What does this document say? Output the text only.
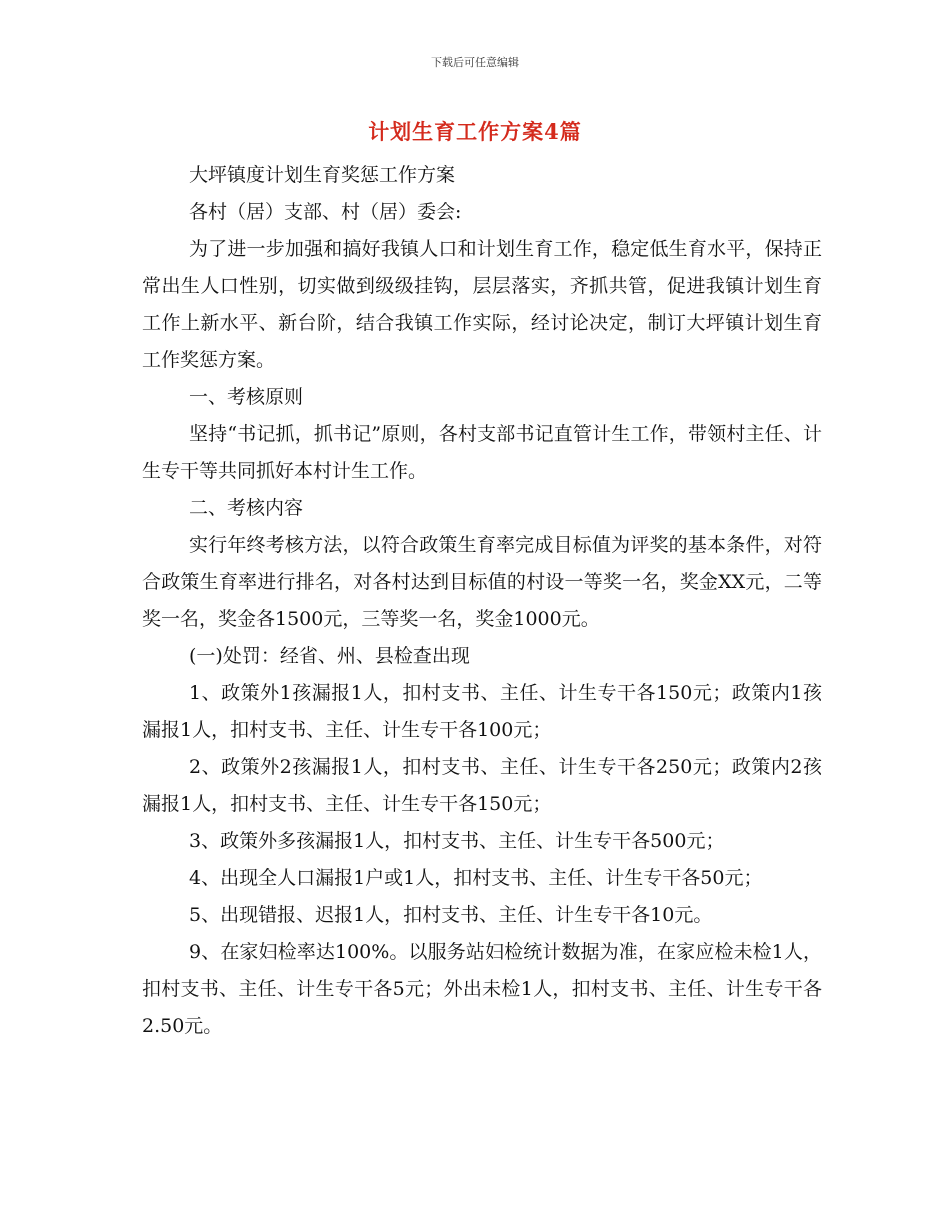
下载后可任意编辑
计划生育工作方案4篇

大坪镇度计划生育奖惩工作方案

各村（居）支部、村（居）委会:

为了进一步加强和搞好我镇人口和计划生育工作，稳定低生育水平，保持正常出生人口性别，切实做到级级挂钩，层层落实，齐抓共管，促进我镇计划生育工作上新水平、新台阶，结合我镇工作实际，经讨论决定，制订大坪镇计划生育工作奖惩方案。

一、考核原则

坚持“书记抓，抓书记”原则，各村支部书记直管计生工作，带领村主任、计生专干等共同抓好本村计生工作。

二、考核内容

实行年终考核方法，以符合政策生育率完成目标值为评奖的基本条件，对符合政策生育率进行排名，对各村达到目标值的村设一等奖一名，奖金XX元，二等奖一名，奖金各1500元，三等奖一名，奖金1000元。

(一)处罚：经省、州、县检查出现

1、政策外1孩漏报1人，扣村支书、主任、计生专干各150元；政策内1孩漏报1人，扣村支书、主任、计生专干各100元；

2、政策外2孩漏报1人，扣村支书、主任、计生专干各250元；政策内2孩漏报1人，扣村支书、主任、计生专干各150元；

3、政策外多孩漏报1人，扣村支书、主任、计生专干各500元；

4、出现全人口漏报1户或1人，扣村支书、主任、计生专干各50元；

5、出现错报、迟报1人，扣村支书、主任、计生专干各10元。

9、在家妇检率达100%。以服务站妇检统计数据为准，在家应检未检1人，扣村支书、主任、计生专干各5元；外出未检1人，扣村支书、主任、计生专干各2.50元。
